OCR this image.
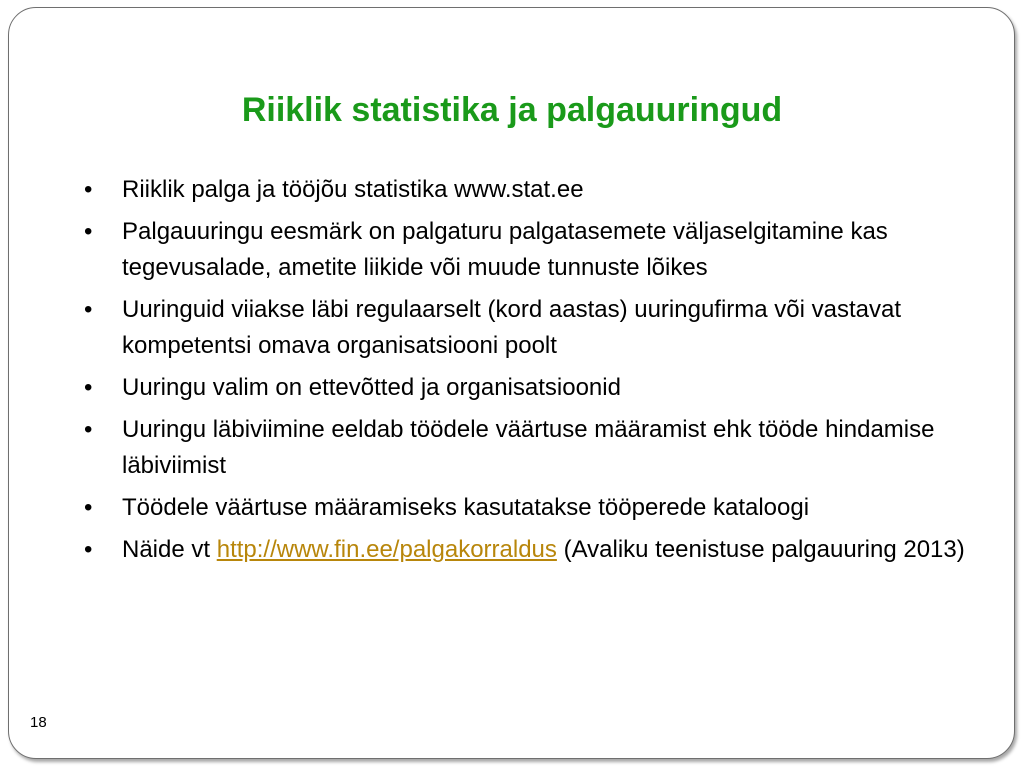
Riiklik statistika ja palgauuringud
•	Riiklik palga ja tööjõu statistika www.stat.ee
•	Palgauuringu eesmärk on palgaturu palgatasemete väljaselgitamine kas tegevusalade, ametite liikide või muude tunnuste lõikes
•	Uuringuid viiakse läbi regulaarselt (kord aastas) uuringufirma või vastavat kompetentsi omava organisatsiooni poolt
•	Uuringu valim on ettevõtted ja organisatsioonid
•	Uuringu läbiviimine eeldab töödele väärtuse määramist ehk tööde hindamise läbiviimist
•	Töödele väärtuse määramiseks kasutatakse tööperede kataloogi
•	Näide vt http://www.fin.ee/palgakorraldus (Avaliku teenistuse palgauuring 2013)
18
